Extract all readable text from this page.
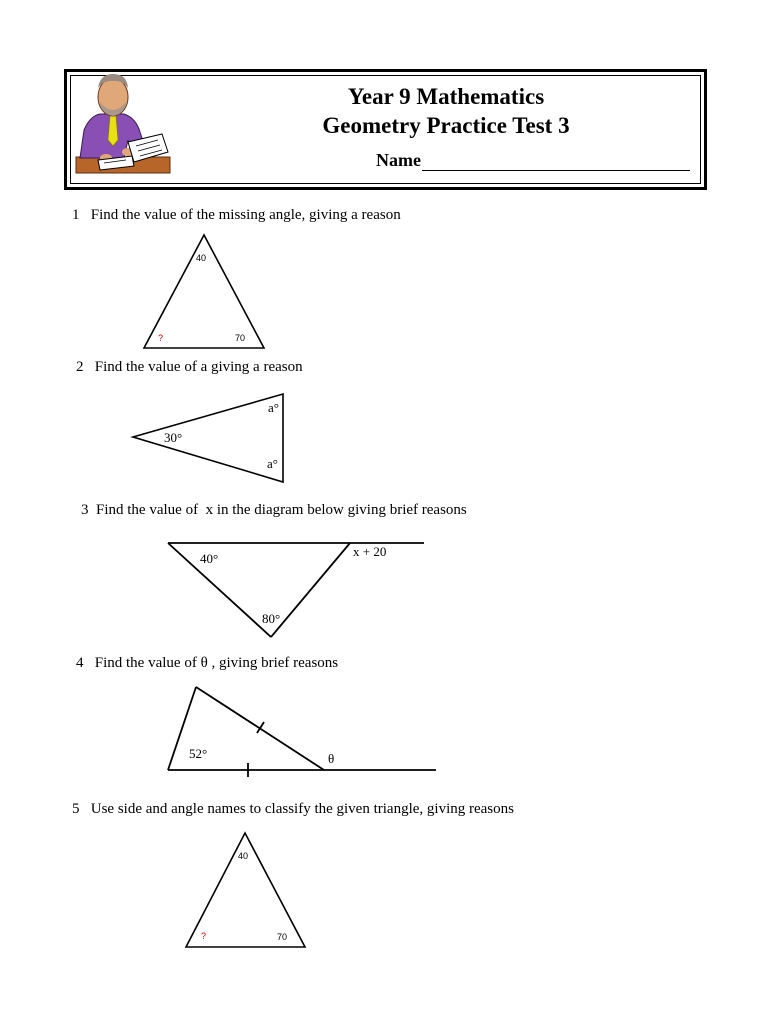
Year 9 Mathematics
Geometry Practice Test 3
Name
1   Find the value of the missing angle, giving a reason
2   Find the value of a giving a reason
3  Find the value of  x in the diagram below giving brief reasons
4   Find the value of θ , giving brief reasons
5   Use side and angle names to classify the given triangle, giving reasons
40
?	70
30°
a°
a°
40°
80°
x + 20
52°	θ
40
?	70
